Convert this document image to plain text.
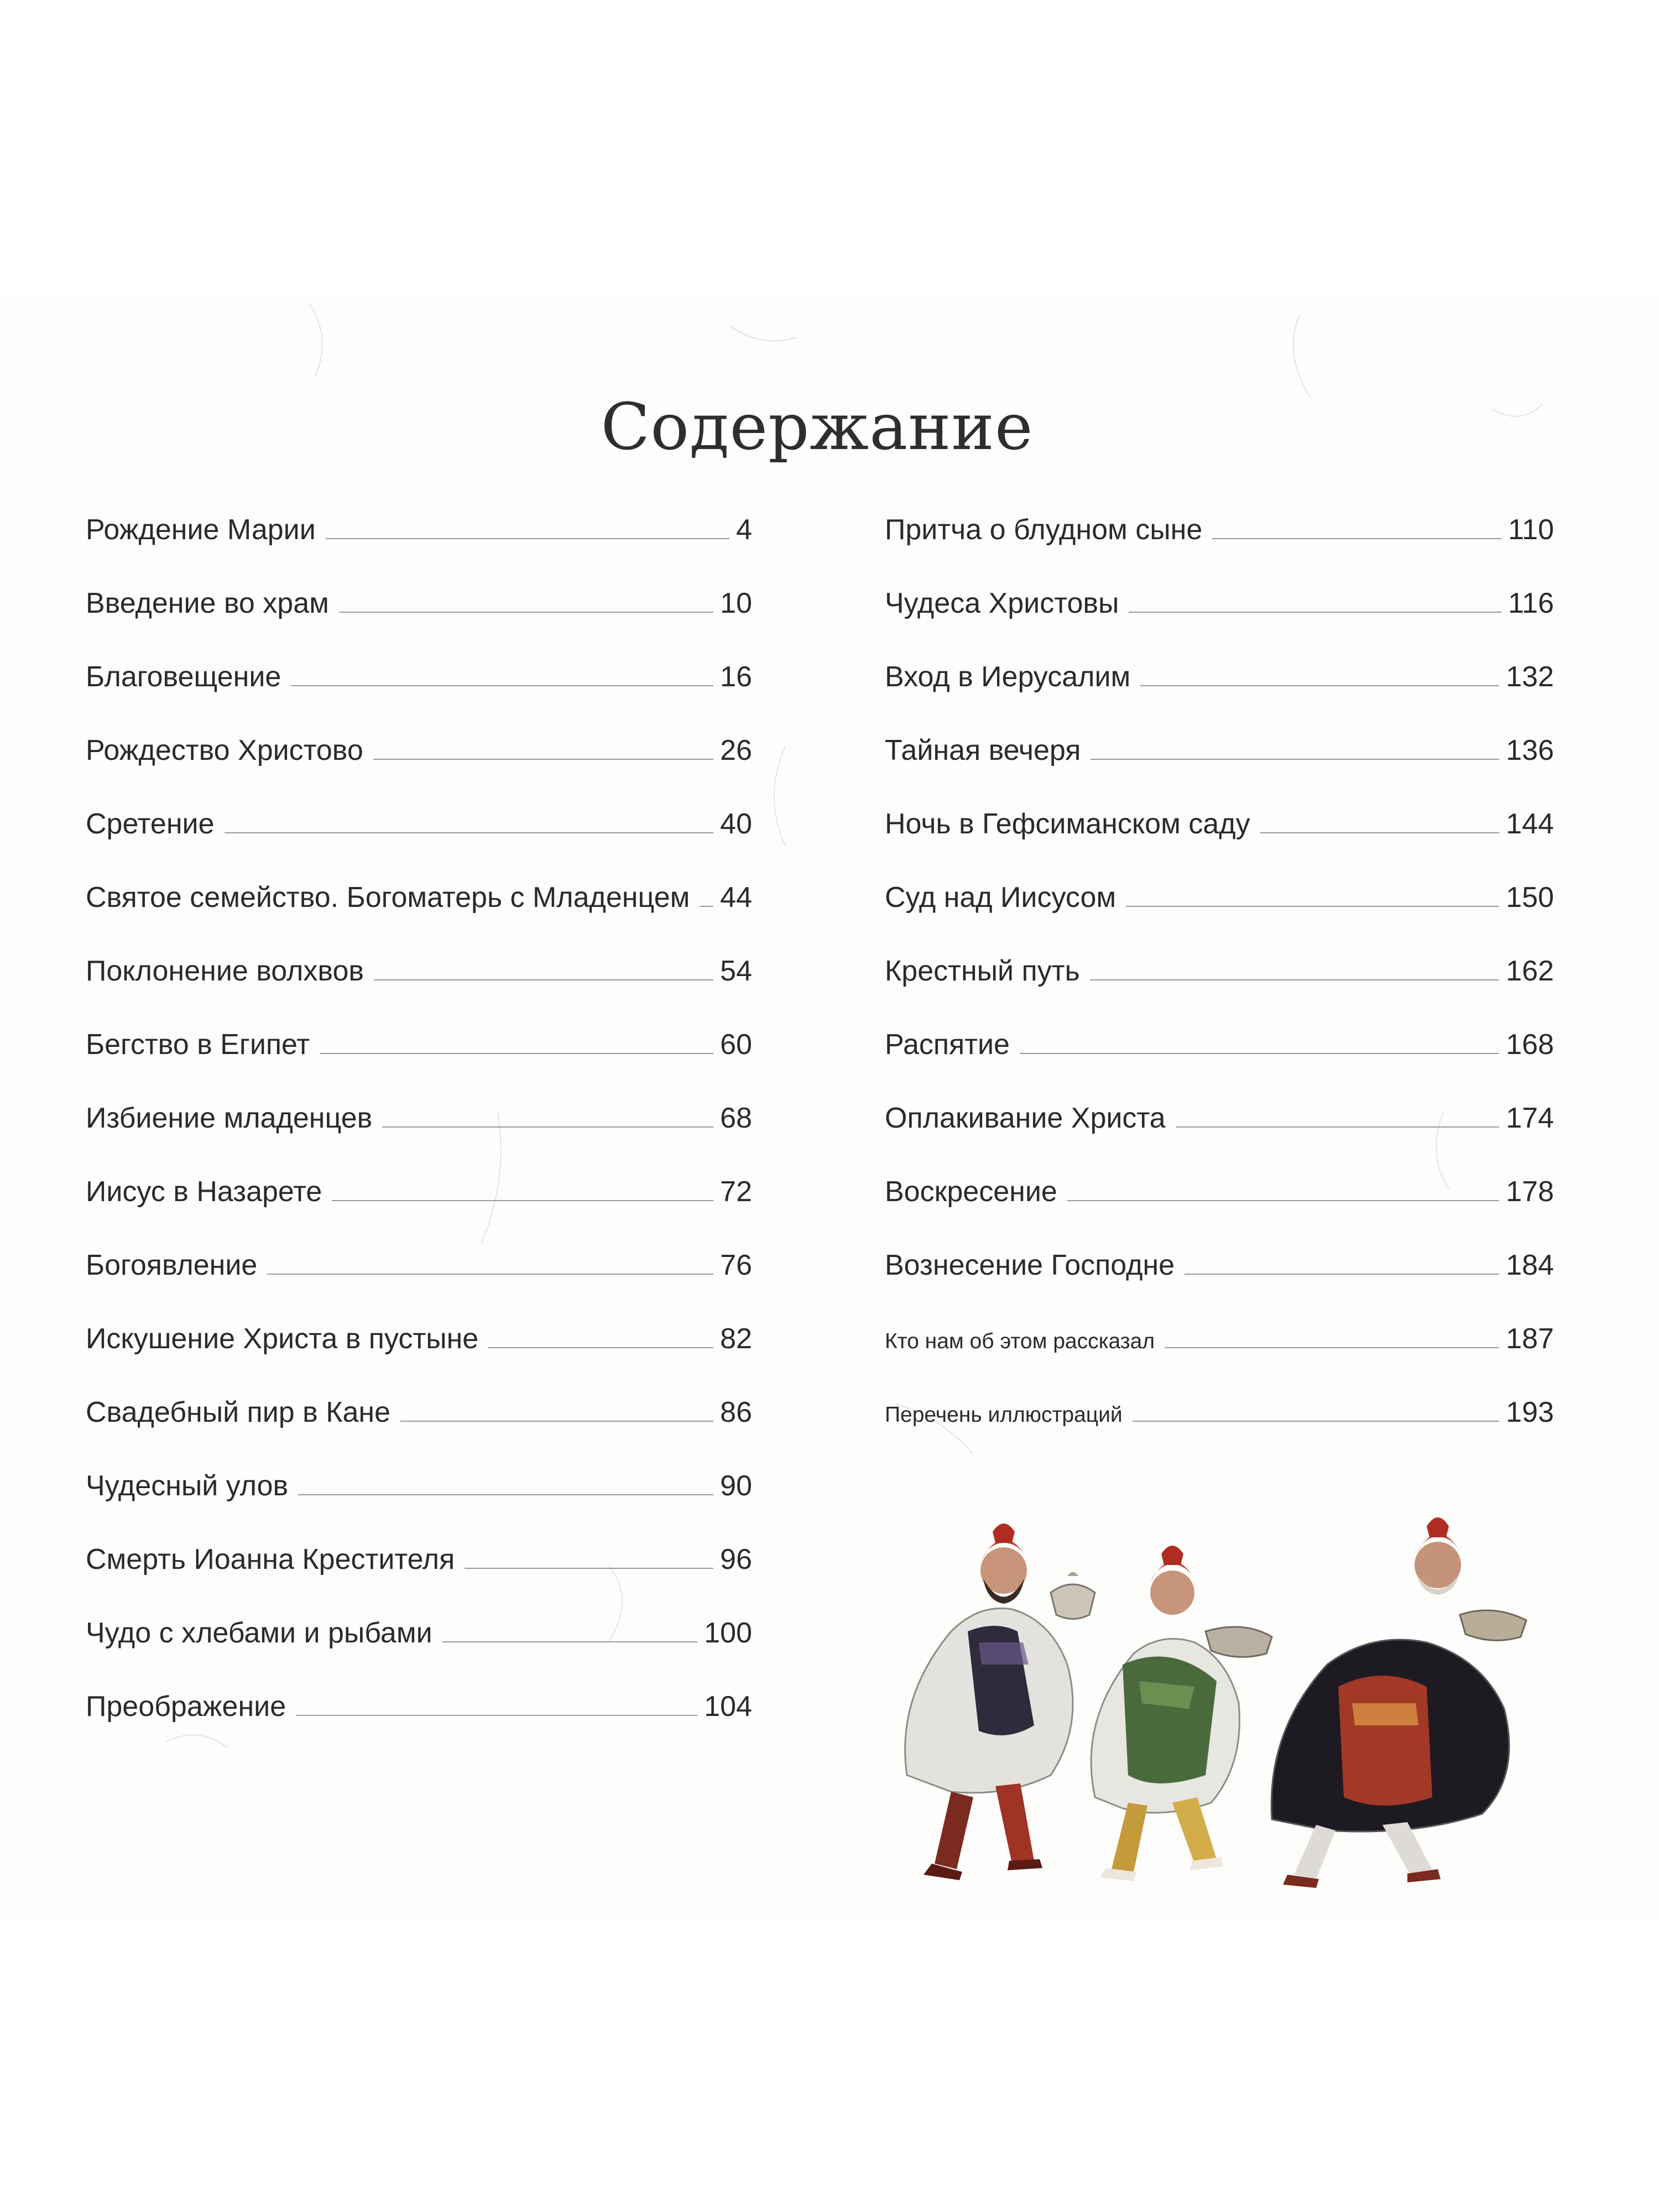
Содержание
Рождение Марии	4
Введение во храм	10
Благовещение	16
Рождество Христово	26
Сретение	40
Святое семейство. Богоматерь с Младенцем 44
Поклонение волхвов	54
Бегство в Египет	60
Избиение младенцев	68
Иисус в Назарете	72
Богоявление	76
Искушение Христа в пустыне	82
Свадебный пир в Кане	86
Чудесный улов	90
Смерть Иоанна Крестителя	96
Чудо с хлебами и рыбами	100
Преображение	104
Притча о блудном сыне	110
Чудеса Христовы	116
Вход в Иерусалим	132
Тайная вечеря	136
Ночь в Гефсиманском саду	144
Суд над Иисусом	150
Крестный путь	162
Распятие	168
Оплакивание Христа	174
Воскресение	178
Вознесение Господне	184
Кто нам об этом рассказал	187
Перечень иллюстраций	193
